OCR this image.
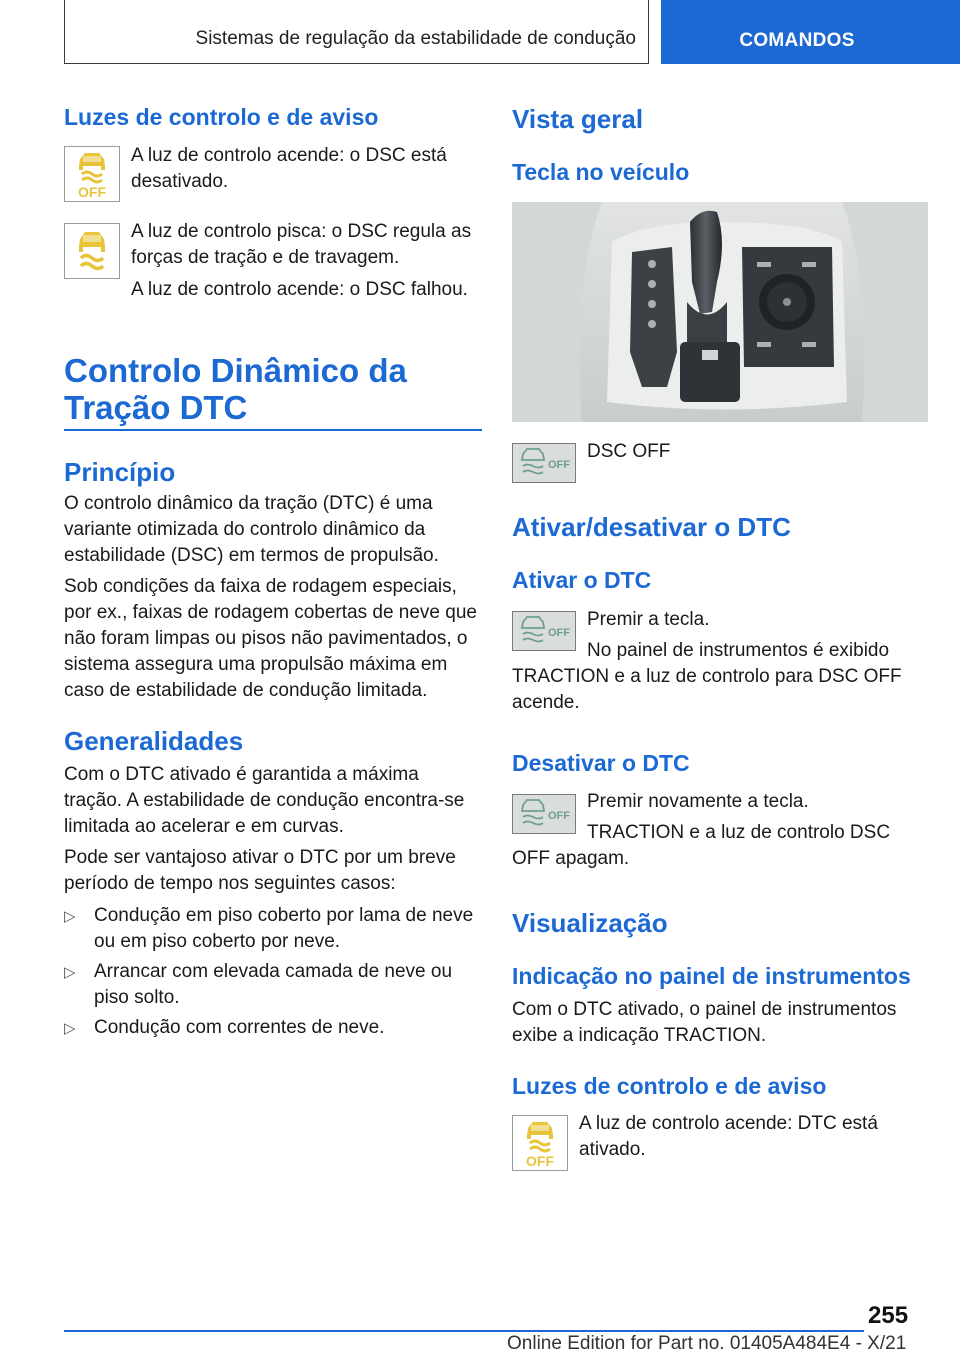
Sistemas de regulação da estabilidade de condução	COMANDOS
Luzes de controlo e de aviso
OFF
A luz de controlo acende: o DSC está desativado.
A luz de controlo pisca: o DSC regula as forças de tração e de travagem.
A luz de controlo acende: o DSC falhou.
Controlo Dinâmico da Tração DTC
Princípio
O controlo dinâmico da tração (DTC) é uma variante otimizada do controlo dinâmico da estabilidade (DSC) em termos de propulsão.
Sob condições da faixa de rodagem especiais, por ex., faixas de rodagem cobertas de neve que não foram limpas ou pisos não pavimentados, o sistema assegura uma propulsão máxima em caso de estabilidade de condução limitada.
Generalidades
Com o DTC ativado é garantida a máxima tração. A estabilidade de condução encontra-se limitada ao acelerar e em curvas.
Pode ser vantajoso ativar o DTC por um breve período de tempo nos seguintes casos:
▷ Condução em piso coberto por lama de neve ou em piso coberto por neve.
▷ Arrancar com elevada camada de neve ou piso solto.
▷ Condução com correntes de neve.
Vista geral
Tecla no veículo
OFF
DSC OFF
Ativar/desativar o DTC
Ativar o DTC
OFF
Premir a tecla.
No painel de instrumentos é exibido TRACTION e a luz de controlo para DSC OFF acende.
Desativar o DTC
OFF
Premir novamente a tecla.
TRACTION e a luz de controlo DSC OFF apagam.
Visualização
Indicação no painel de instrumentos
Com o DTC ativado, o painel de instrumentos exibe a indicação TRACTION.
Luzes de controlo e de aviso
OFF
A luz de controlo acende: DTC está ativado.
255
Online Edition for Part no. 01405A484E4 - X/21
